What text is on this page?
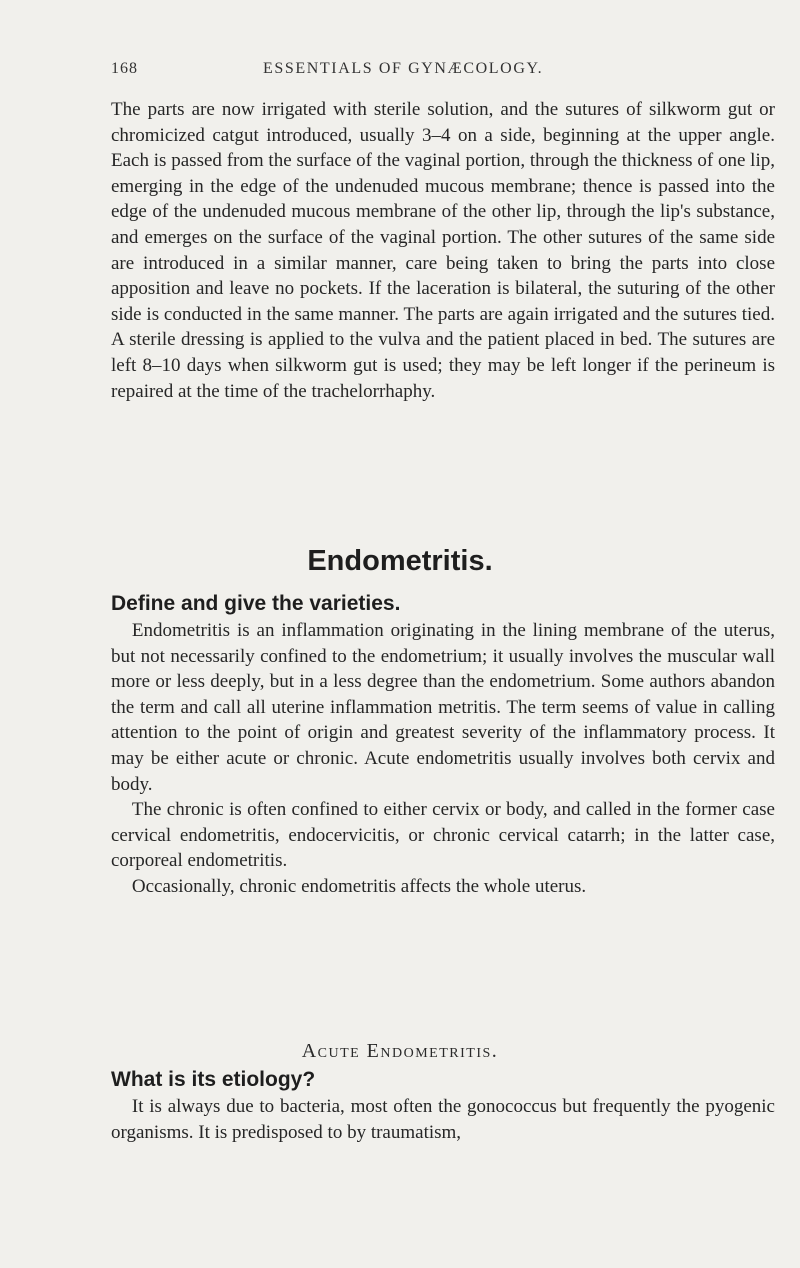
168	ESSENTIALS OF GYNÆCOLOGY.

The parts are now irrigated with sterile solution, and the sutures of silkworm gut or chromicized catgut introduced, usually 3–4 on a side, beginning at the upper angle. Each is passed from the surface of the vaginal portion, through the thickness of one lip, emerging in the edge of the undenuded mucous membrane; thence is passed into the edge of the undenuded mucous membrane of the other lip, through the lip's substance, and emerges on the surface of the vaginal portion. The other sutures of the same side are introduced in a similar manner, care being taken to bring the parts into close apposition and leave no pockets. If the laceration is bilateral, the suturing of the other side is conducted in the same manner. The parts are again irrigated and the sutures tied. A sterile dressing is applied to the vulva and the patient placed in bed. The sutures are left 8–10 days when silkworm gut is used; they may be left longer if the perineum is repaired at the time of the trachelorrhaphy.

Endometritis.
Define and give the varieties.

Endometritis is an inflammation originating in the lining membrane of the uterus, but not necessarily confined to the endometrium; it usually involves the muscular wall more or less deeply, but in a less degree than the endometrium. Some authors abandon the term and call all uterine inflammation metritis. The term seems of value in calling attention to the point of origin and greatest severity of the inflammatory process. It may be either acute or chronic. Acute endometritis usually involves both cervix and body.

The chronic is often confined to either cervix or body, and called in the former case cervical endometritis, endocervicitis, or chronic cervical catarrh; in the latter case, corporeal endometritis.

Occasionally, chronic endometritis affects the whole uterus.

Acute Endometritis.
What is its etiology?

It is always due to bacteria, most often the gonococcus but frequently the pyogenic organisms. It is predisposed to by traumatism,
